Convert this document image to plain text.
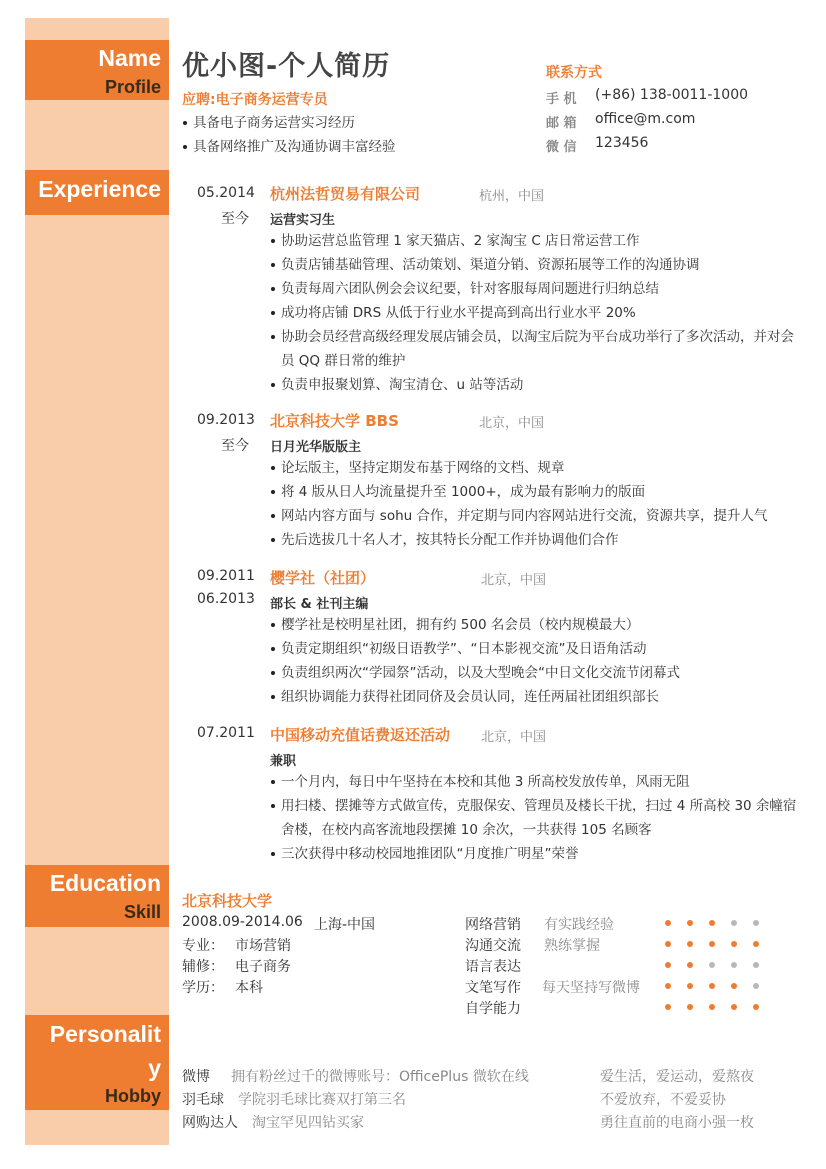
Name
Profile
Experience
Education
Skill
Personalit
y
Hobby
优小图-个人简历
应聘:电子商务运营专员
具备电子商务运营实习经历
具备网络推广及沟通协调丰富经验
联系方式
手 机 (+86) 138-0011-1000
邮 箱 office@m.com
微 信 123456
05.2014
至今
杭州法哲贸易有限公司	杭州，中国
运营实习生
协助运营总监管理 1 家天猫店、2 家淘宝 C 店日常运营工作
负责店铺基础管理、活动策划、渠道分销、资源拓展等工作的沟通协调
负责每周六团队例会会议纪要，针对客服每周问题进行归纳总结
成功将店铺 DRS 从低于行业水平提高到高出行业水平 20%
协助会员经营高级经理发展店铺会员，以淘宝后院为平台成功举行了多次活动，并对会员 QQ 群日常的维护
负责申报聚划算、淘宝清仓、u 站等活动
09.2013
至今
北京科技大学 BBS	北京，中国
日月光华版版主
论坛版主，坚持定期发布基于网络的文档、规章
将 4 版从日人均流量提升至 1000+，成为最有影响力的版面
网站内容方面与 sohu 合作，并定期与同内容网站进行交流，资源共享，提升人气
先后选拔几十名人才，按其特长分配工作并协调他们合作
09.2011
06.2013
樱学社（社团）	北京，中国
部长 & 社刊主编
樱学社是校明星社团，拥有约 500 名会员（校内规模最大）
负责定期组织“初级日语教学”、“日本影视交流”及日语角活动
负责组织两次“学园祭”活动，以及大型晚会“中日文化交流节闭幕式
组织协调能力获得社团同侪及会员认同，连任两届社团组织部长
07.2011 中国移动充值话费返还活动 北京，中国
兼职
一个月内，每日中午坚持在本校和其他 3 所高校发放传单，风雨无阻
用扫楼、摆摊等方式做宣传，克服保安、管理员及楼长干扰，扫过 4 所高校 30 余幢宿舍楼，在校内高客流地段摆摊 10 余次，一共获得 105 名顾客
三次获得中移动校园地推团队“月度推广明星”荣誉
北京科技大学
2008.09-2014.06 上海-中国
专业： 市场营销
辅修： 电子商务
学历： 本科
网络营销 有实践经验
沟通交流 熟练掌握
语言表达
文笔写作 每天坚持写微博
自学能力
微博 拥有粉丝过千的微博账号：OfficePlus 微软在线	爱生活，爱运动，爱熬夜
羽毛球 学院羽毛球比赛双打第三名	不爱放弃，不爱妥协
网购达人 淘宝罕见四钻买家	勇往直前的电商小强一枚
